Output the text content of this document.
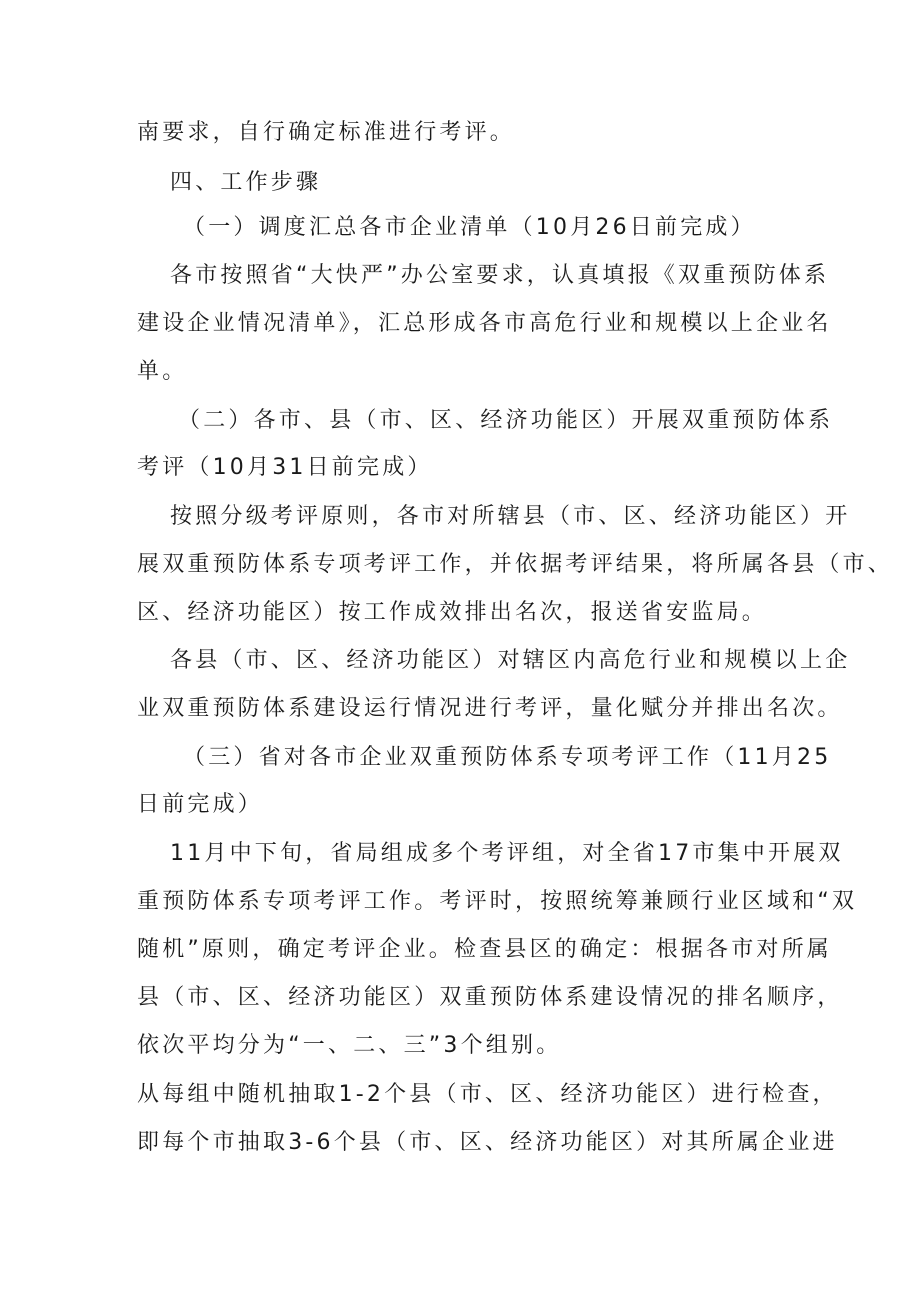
南要求，自行确定标准进行考评。
四、工作步骤
（一）调度汇总各市企业清单（10月26日前完成）
各市按照省“大快严”办公室要求，认真填报《双重预防体系
建设企业情况清单》，汇总形成各市高危行业和规模以上企业名
单。
（二）各市、县（市、区、经济功能区）开展双重预防体系
考评（10月31日前完成）
按照分级考评原则，各市对所辖县（市、区、经济功能区）开
展双重预防体系专项考评工作，并依据考评结果，将所属各县（市、
区、经济功能区）按工作成效排出名次，报送省安监局。
各县（市、区、经济功能区）对辖区内高危行业和规模以上企
业双重预防体系建设运行情况进行考评，量化赋分并排出名次。
（三）省对各市企业双重预防体系专项考评工作（11月25
日前完成）
11月中下旬，省局组成多个考评组，对全省17市集中开展双
重预防体系专项考评工作。考评时，按照统筹兼顾行业区域和“双
随机”原则，确定考评企业。检查县区的确定：根据各市对所属
县（市、区、经济功能区）双重预防体系建设情况的排名顺序，
依次平均分为“一、二、三”3个组别。
从每组中随机抽取1-2个县（市、区、经济功能区）进行检查，
即每个市抽取3-6个县（市、区、经济功能区）对其所属企业进
